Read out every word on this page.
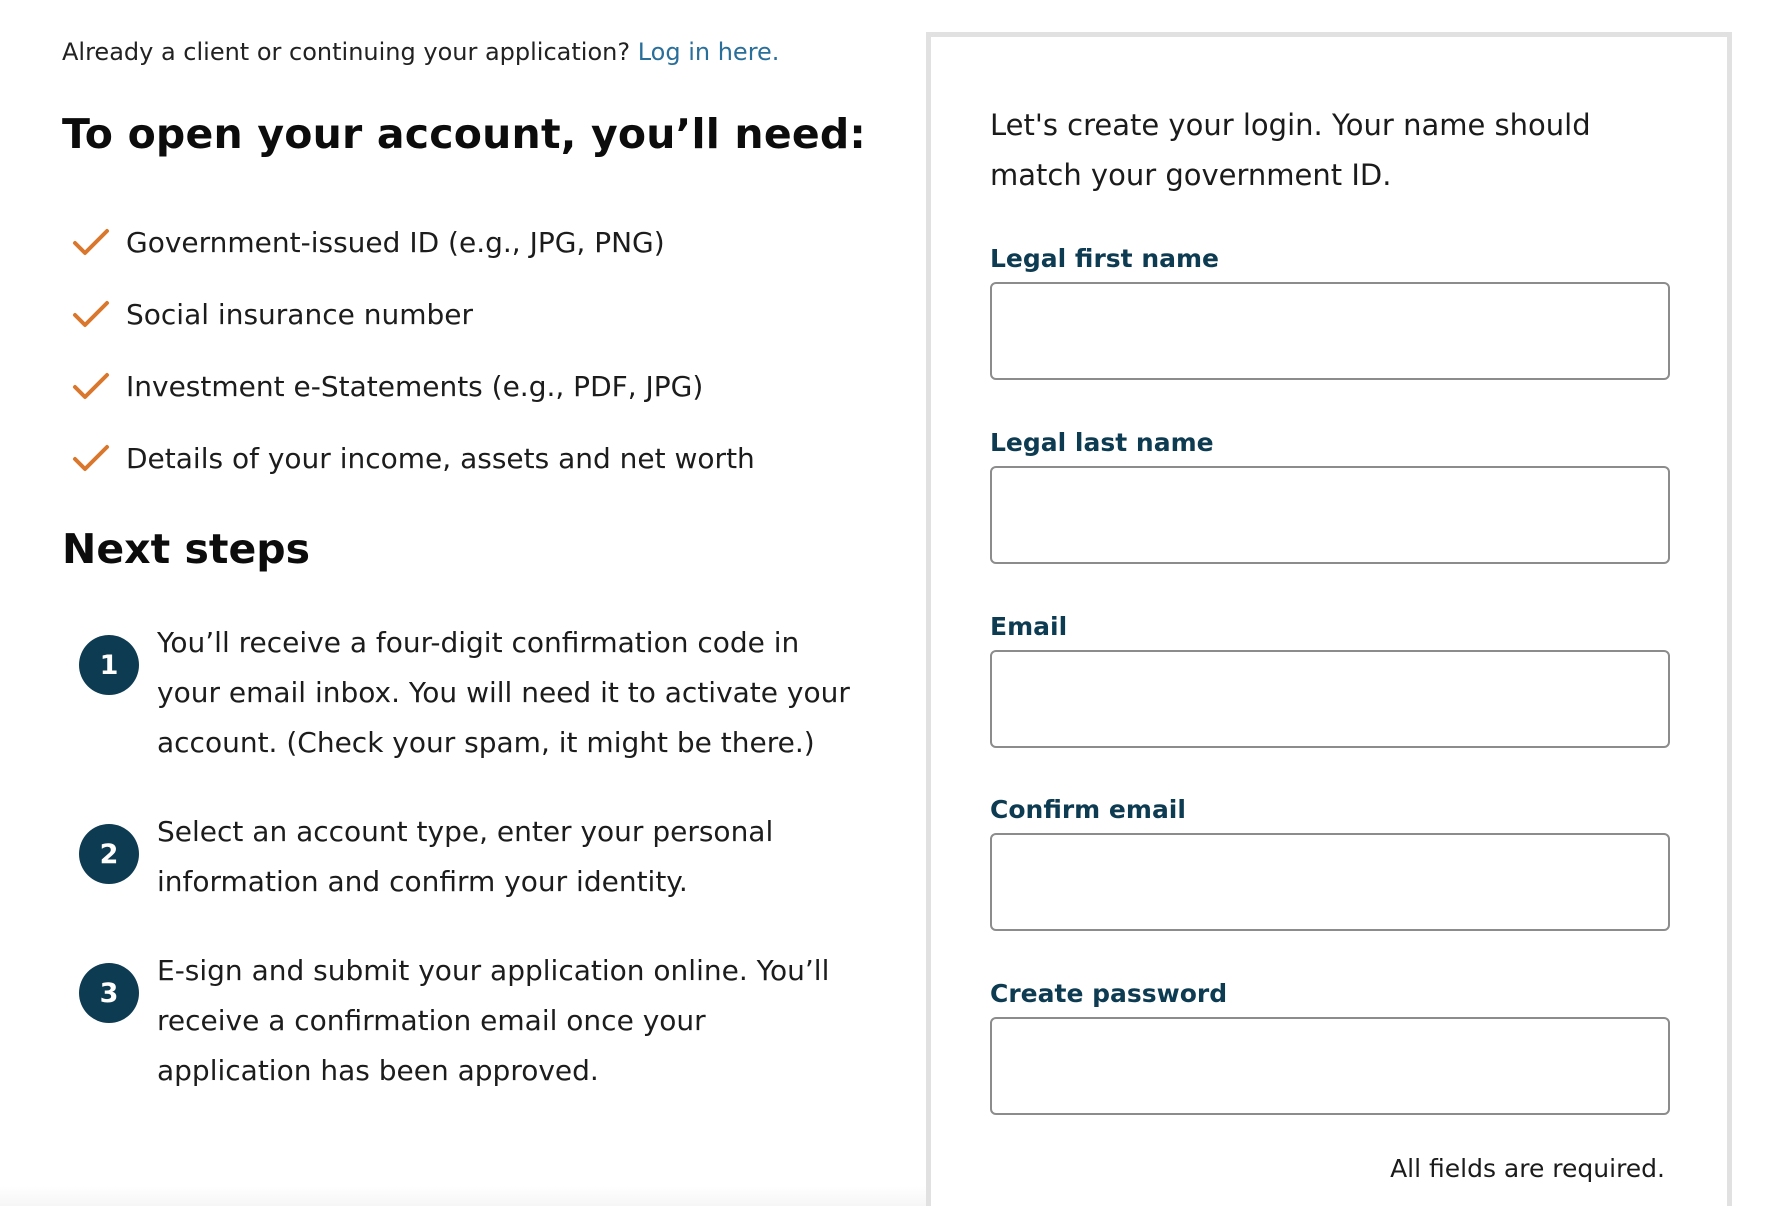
Already a client or continuing your application? Log in here.
To open your account, you’ll need:
Government-issued ID (e.g., JPG, PNG)
Social insurance number
Investment e-Statements (e.g., PDF, JPG)
Details of your income, assets and net worth
Next steps
1

You’ll receive a four-digit confirmation code in your email inbox. You will need it to activate your account. (Check your spam, it might be there.)

2

Select an account type, enter your personal information and confirm your identity.

3

E-sign and submit your application online. You’ll receive a confirmation email once your application has been approved.

Let's create your login. Your name should match your government ID.

Legal first name
Legal last name
Email
Confirm email
Create password
All fields are required.
